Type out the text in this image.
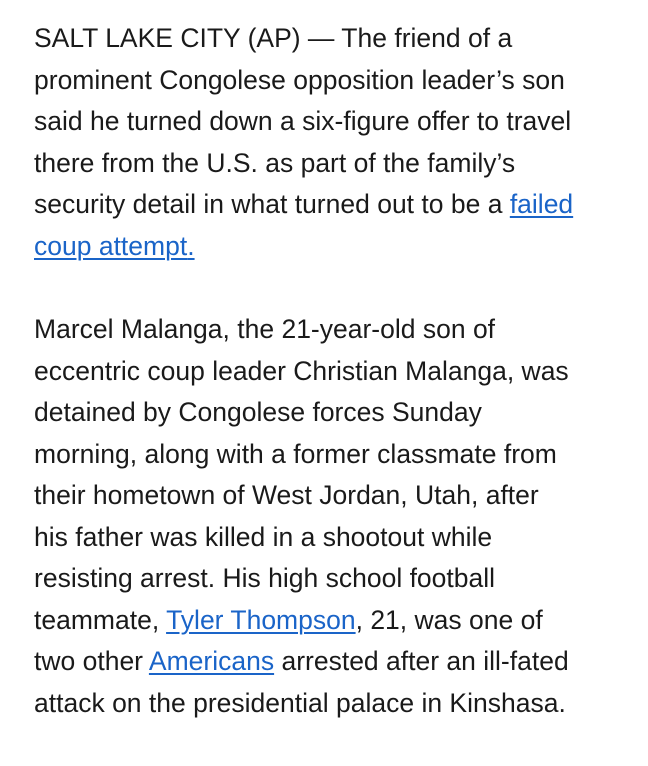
SALT LAKE CITY (AP) — The friend of a
prominent Congolese opposition leader’s son
said he turned down a six-figure offer to travel
there from the U.S. as part of the family’s
security detail in what turned out to be a failed
coup attempt.

Marcel Malanga, the 21-year-old son of
eccentric coup leader Christian Malanga, was
detained by Congolese forces Sunday
morning, along with a former classmate from
their hometown of West Jordan, Utah, after
his father was killed in a shootout while
resisting arrest. His high school football
teammate, Tyler Thompson, 21, was one of
two other Americans arrested after an ill-fated
attack on the presidential palace in Kinshasa.
